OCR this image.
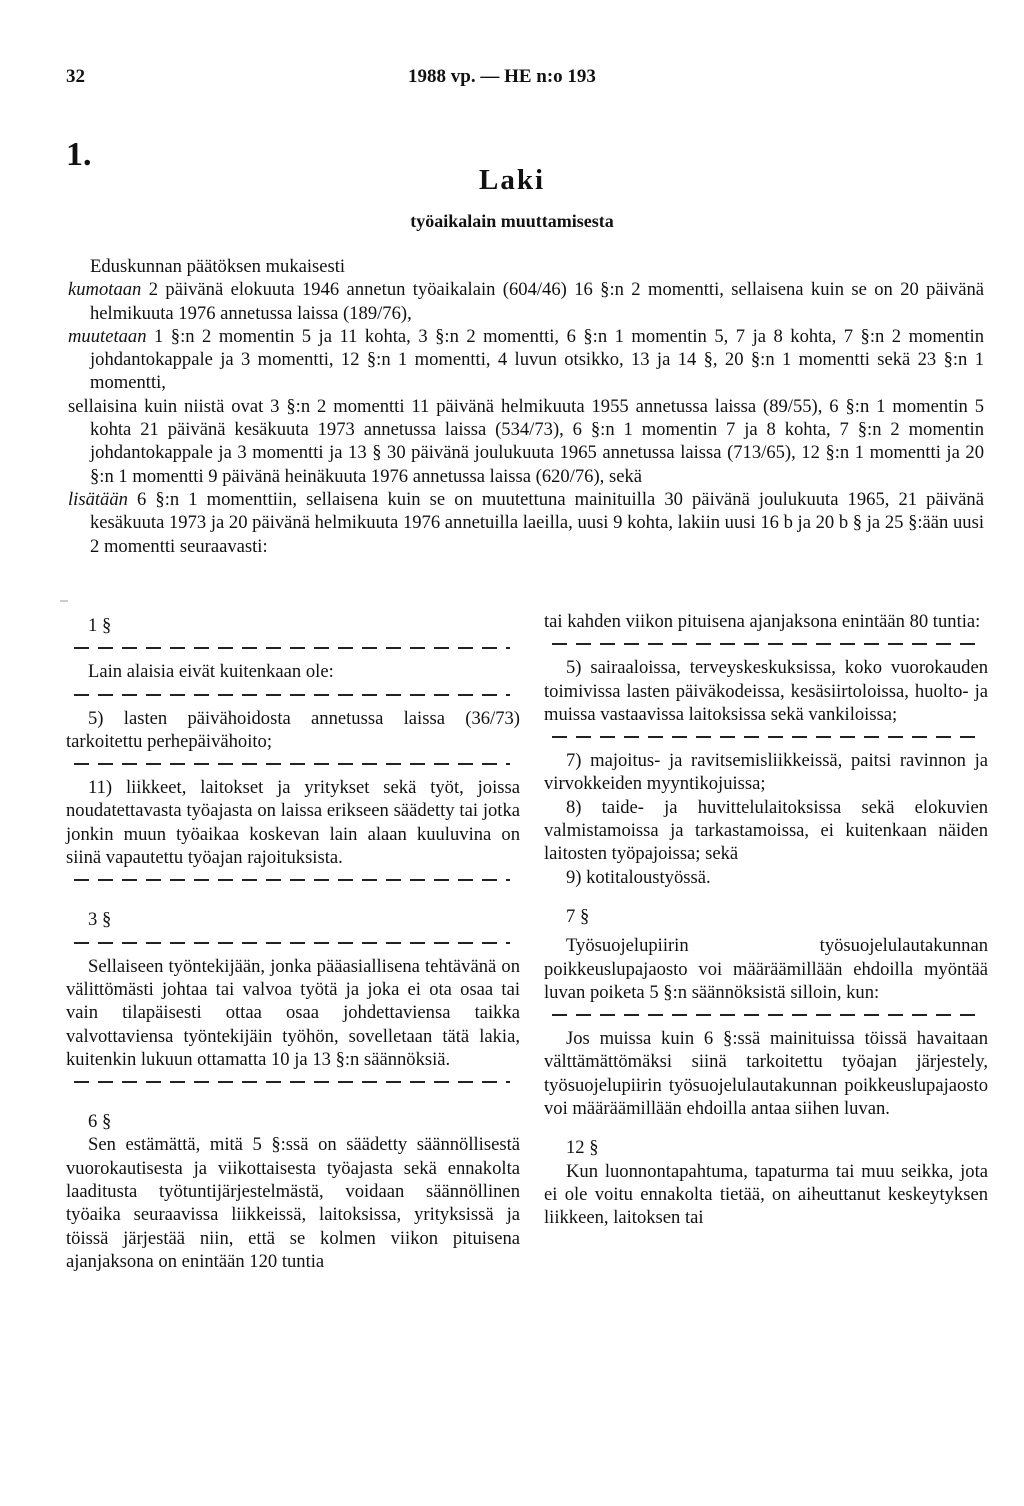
32	1988 vp. — HE n:o 193
1.
Laki
työaikalain muuttamisesta

Eduskunnan päätöksen mukaisesti

kumotaan 2 päivänä elokuuta 1946 annetun työaikalain (604/46) 16 §:n 2 momentti, sellaisena kuin se on 20 päivänä helmikuuta 1976 annetussa laissa (189/76),

muutetaan 1 §:n 2 momentin 5 ja 11 kohta, 3 §:n 2 momentti, 6 §:n 1 momentin 5, 7 ja 8 kohta, 7 §:n 2 momentin johdantokappale ja 3 momentti, 12 §:n 1 momentti, 4 luvun otsikko, 13 ja 14 §, 20 §:n 1 momentti sekä 23 §:n 1 momentti,

sellaisina kuin niistä ovat 3 §:n 2 momentti 11 päivänä helmikuuta 1955 annetussa laissa (89/55), 6 §:n 1 momentin 5 kohta 21 päivänä kesäkuuta 1973 annetussa laissa (534/73), 6 §:n 1 momentin 7 ja 8 kohta, 7 §:n 2 momentin johdantokappale ja 3 momentti ja 13 § 30 päivänä joulukuuta 1965 annetussa laissa (713/65), 12 §:n 1 momentti ja 20 §:n 1 momentti 9 päivänä heinäkuuta 1976 annetussa laissa (620/76), sekä

lisätään 6 §:n 1 momenttiin, sellaisena kuin se on muutettuna mainituilla 30 päivänä joulukuuta 1965, 21 päivänä kesäkuuta 1973 ja 20 päivänä helmikuuta 1976 annetuilla laeilla, uusi 9 kohta, lakiin uusi 16 b ja 20 b § ja 25 §:ään uusi 2 momentti seuraavasti:

1 §

Lain alaisia eivät kuitenkaan ole:

5) lasten päivähoidosta annetussa laissa (36/73) tarkoitettu perhepäivähoito;

11) liikkeet, laitokset ja yritykset sekä työt, joissa noudatettavasta työajasta on laissa erikseen säädetty tai jotka jonkin muun työaikaa koskevan lain alaan kuuluvina on siinä vapautettu työajan rajoituksista.

3 §

Sellaiseen työntekijään, jonka pääasiallisena tehtävänä on välittömästi johtaa tai valvoa työtä ja joka ei ota osaa tai vain tilapäisesti ottaa osaa johdettaviensa taikka valvottaviensa työntekijäin työhön, sovelletaan tätä lakia, kuitenkin lukuun ottamatta 10 ja 13 §:n säännöksiä.

6 §

Sen estämättä, mitä 5 §:ssä on säädetty säännöllisestä vuorokautisesta ja viikottaisesta työajasta sekä ennakolta laaditusta työtuntijärjestelmästä, voidaan säännöllinen työaika seuraavissa liikkeissä, laitoksissa, yrityksissä ja töissä järjestää niin, että se kolmen viikon pituisena ajanjaksona on enintään 120 tuntia

tai kahden viikon pituisena ajanjaksona enintään 80 tuntia:

5) sairaaloissa, terveyskeskuksissa, koko vuorokauden toimivissa lasten päiväkodeissa, kesäsiirtoloissa, huolto- ja muissa vastaavissa laitoksissa sekä vankiloissa;

7) majoitus- ja ravitsemisliikkeissä, paitsi ravinnon ja virvokkeiden myyntikojuissa;

8) taide- ja huvittelulaitoksissa sekä elokuvien valmistamoissa ja tarkastamoissa, ei kuitenkaan näiden laitosten työpajoissa; sekä

9) kotitaloustyössä.

7 §

Työsuojelupiirin työsuojelulautakunnan poikkeuslupajaosto voi määräämillään ehdoilla myöntää luvan poiketa 5 §:n säännöksistä silloin, kun:

Jos muissa kuin 6 §:ssä mainituissa töissä havaitaan välttämättömäksi siinä tarkoitettu työajan järjestely, työsuojelupiirin työsuojelulautakunnan poikkeuslupajaosto voi määräämillään ehdoilla antaa siihen luvan.

12 §

Kun luonnontapahtuma, tapaturma tai muu seikka, jota ei ole voitu ennakolta tietää, on aiheuttanut keskeytyksen liikkeen, laitoksen tai
